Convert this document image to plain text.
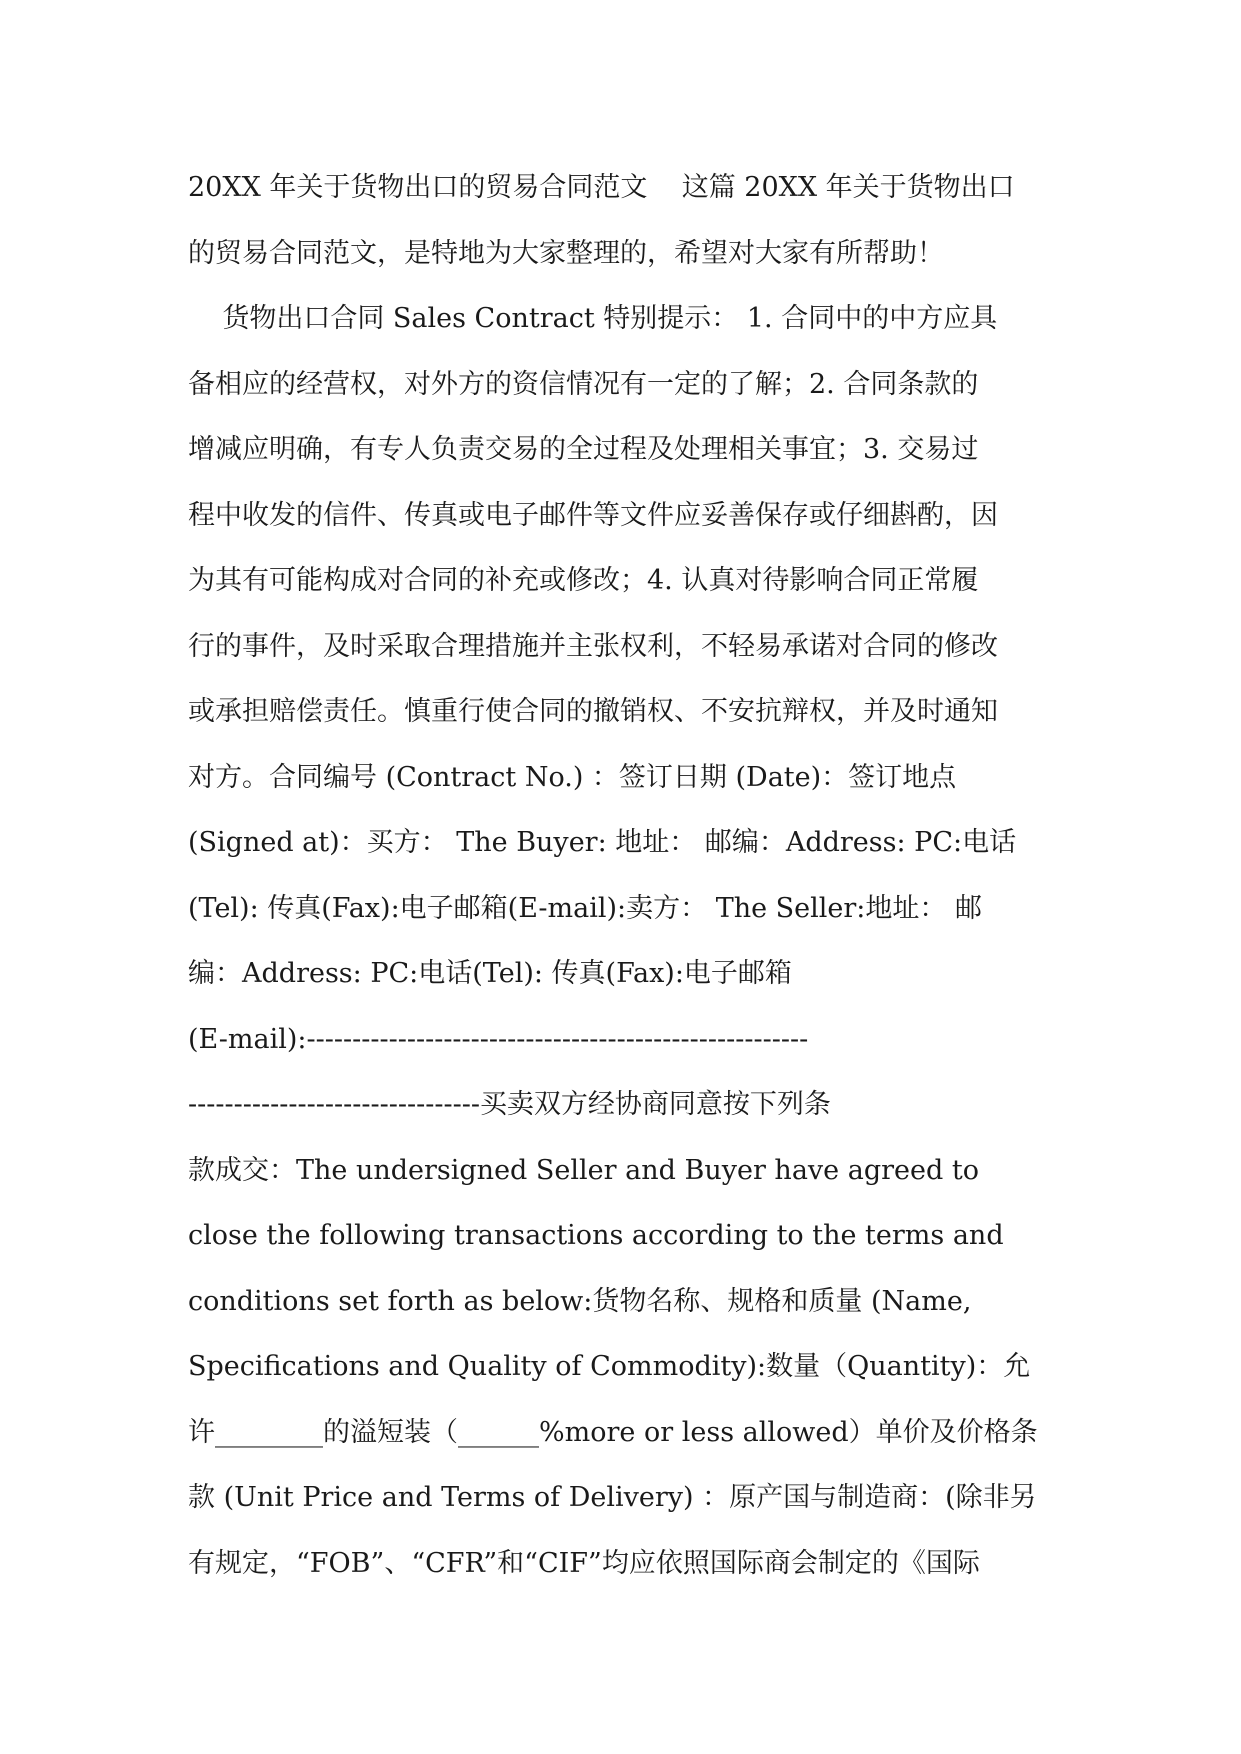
20XX 年关于货物出口的贸易合同范文    这篇 20XX 年关于货物出口
的贸易合同范文，是特地为大家整理的，希望对大家有所帮助！
货物出口合同 Sales Contract 特别提示： 1. 合同中的中方应具
备相应的经营权，对外方的资信情况有一定的了解；2. 合同条款的
增减应明确，有专人负责交易的全过程及处理相关事宜；3. 交易过
程中收发的信件、传真或电子邮件等文件应妥善保存或仔细斟酌，因
为其有可能构成对合同的补充或修改；4. 认真对待影响合同正常履
行的事件，及时采取合理措施并主张权利，不轻易承诺对合同的修改
或承担赔偿责任。慎重行使合同的撤销权、不安抗辩权，并及时通知
对方。合同编号 (Contract No.) ：签订日期 (Date)：签订地点
(Signed at)：买方： The Buyer: 地址： 邮编：Address: PC:电话
(Tel): 传真(Fax):电子邮箱(E-mail):卖方： The Seller:地址： 邮
编：Address: PC:电话(Tel): 传真(Fax):电子邮箱
(E-mail):-------------------------------------------------------
--------------------------------买卖双方经协商同意按下列条
款成交：The undersigned Seller and Buyer have agreed to
close the following transactions according to the terms and
conditions set forth as below:货物名称、规格和质量 (Name,
Specifications and Quality of Commodity):数量（Quantity)：允
许________的溢短装（______%more or less allowed）单价及价格条
款 (Unit Price and Terms of Delivery) ：原产国与制造商：(除非另
有规定，“FOB”、“CFR”和“CIF”均应依照国际商会制定的《国际
